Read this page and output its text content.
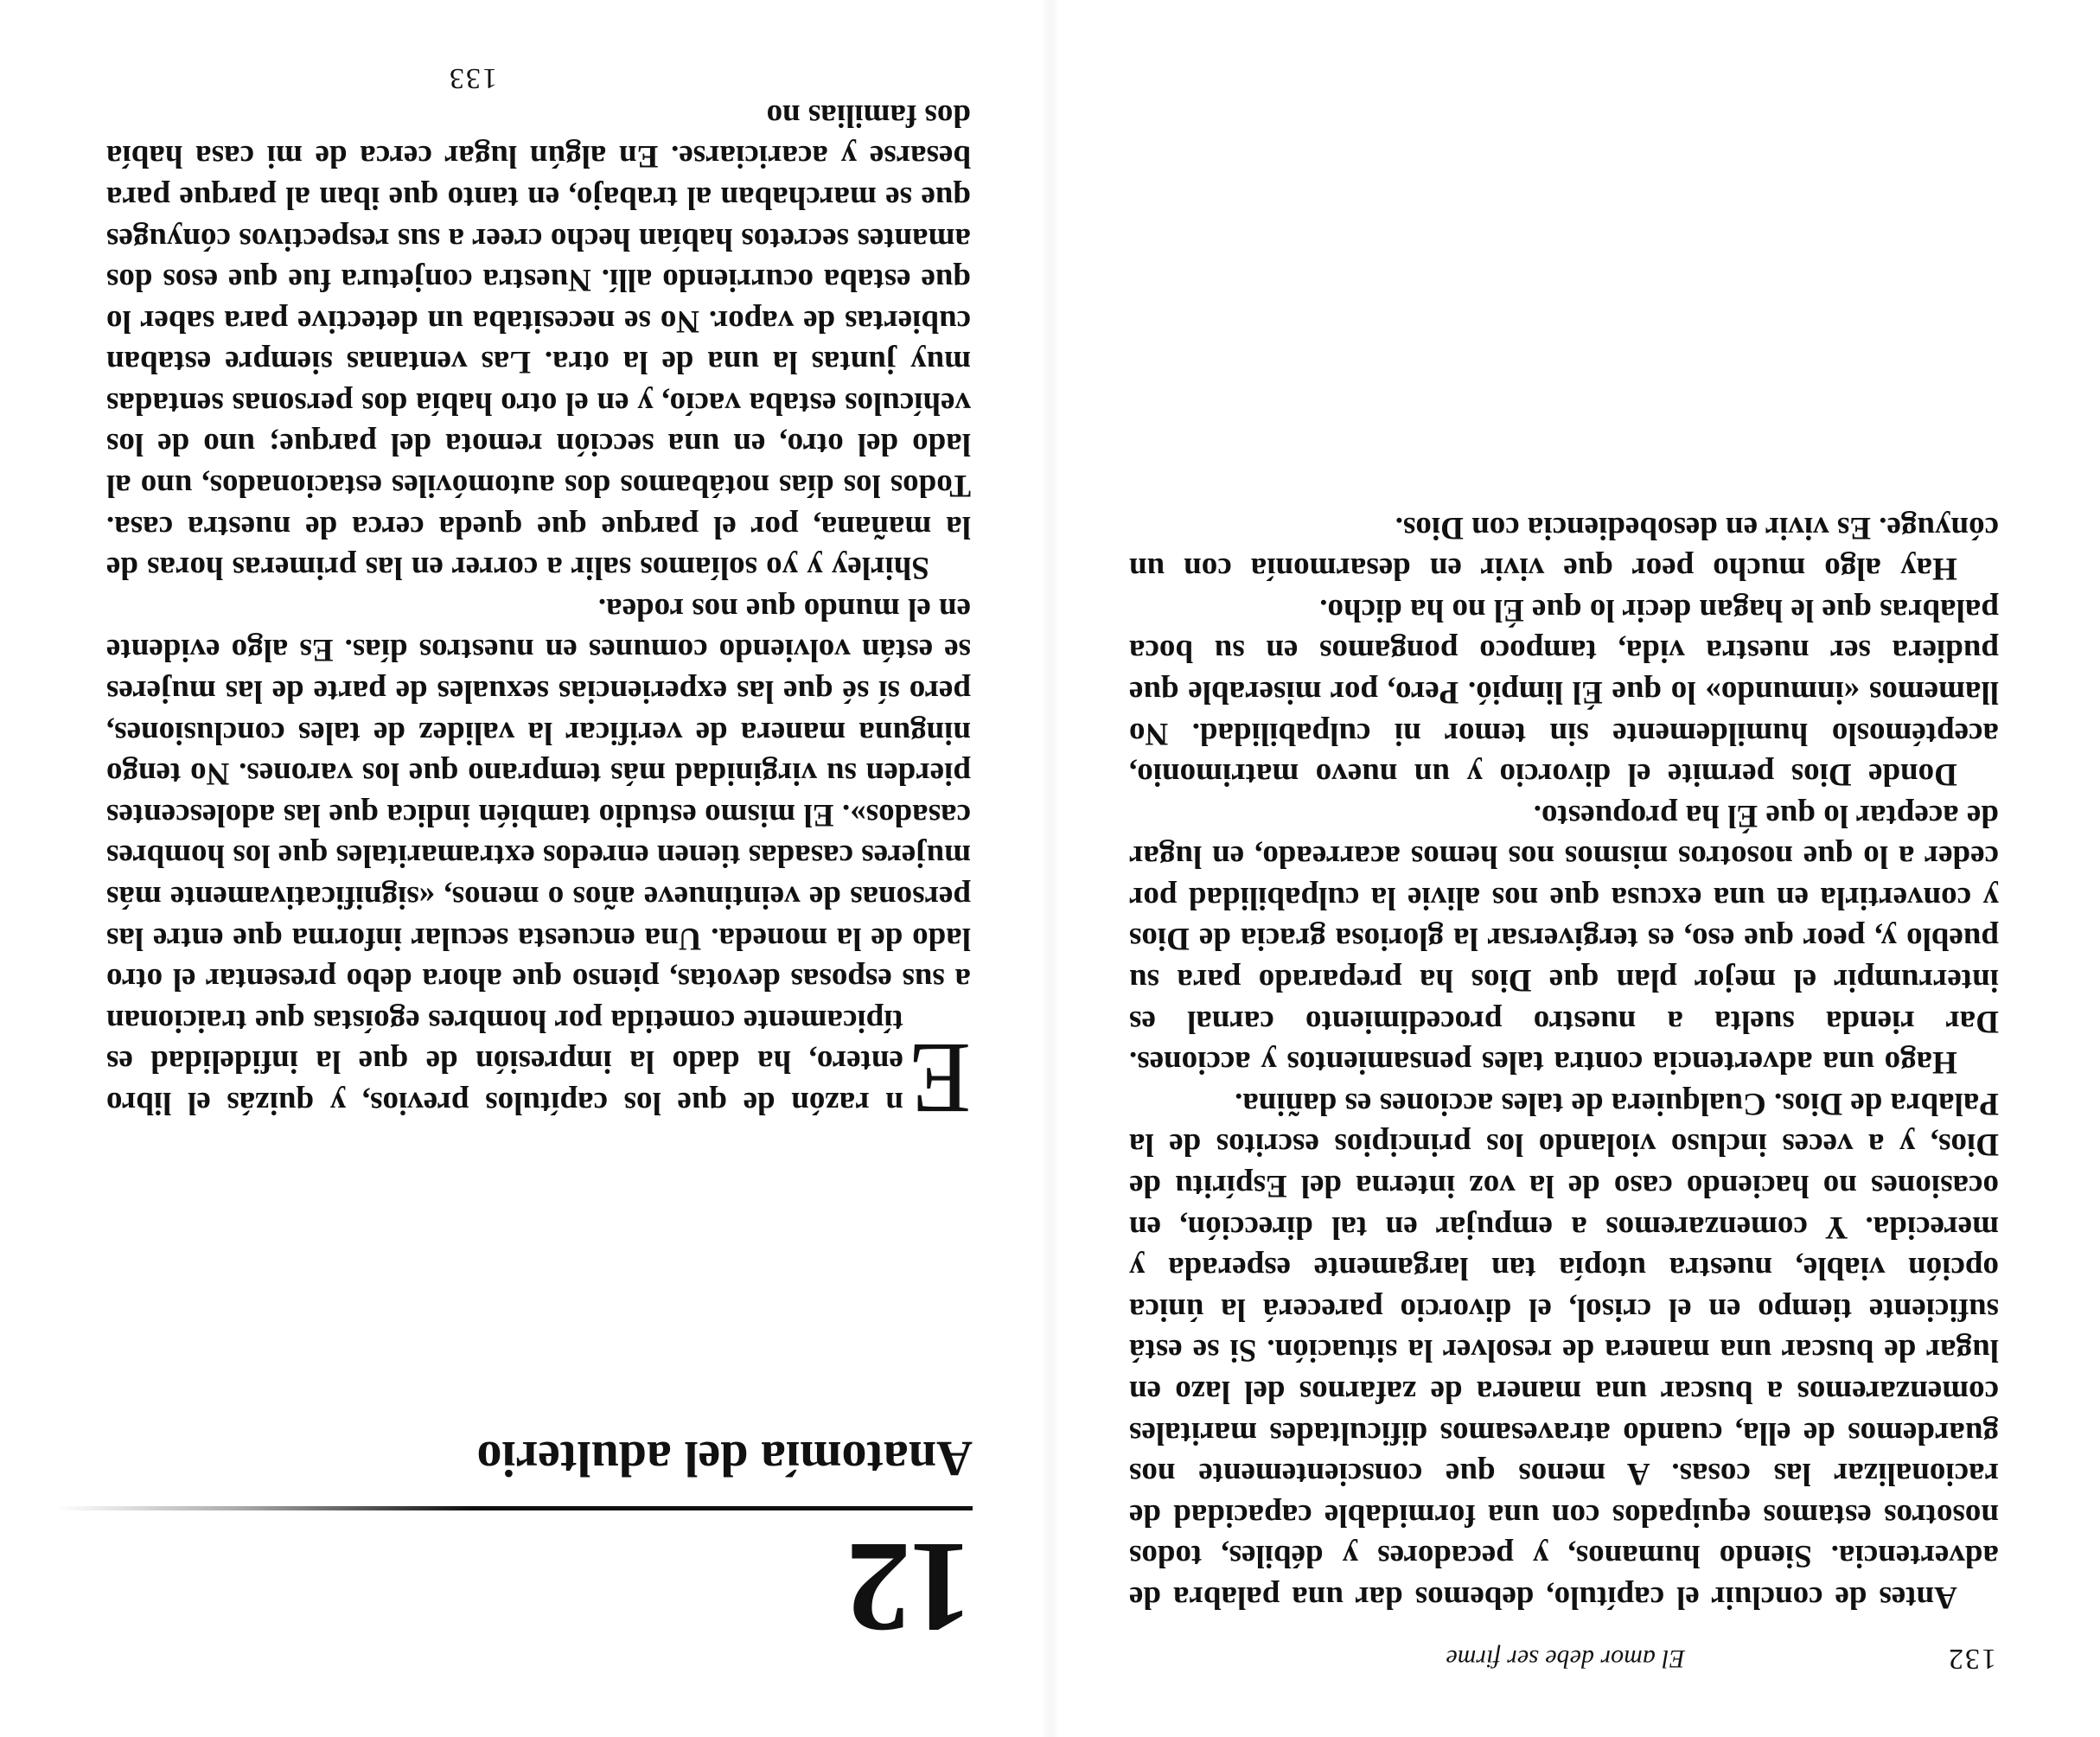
132
El amor debe ser firme

Antes de concluir el capítulo, debemos dar una palabra de advertencia. Siendo humanos, y pecadores y débiles, todos nosotros estamos equipados con una formidable capacidad de racionalizar las cosas. A menos que conscientemente nos guardemos de ella, cuando atravesamos dificultades maritales comenzaremos a buscar una manera de zafarnos del lazo en lugar de buscar una manera de resolver la situación. Si se está suficiente tiempo en el crisol, el divorcio parecerá la única opción viable, nuestra utopía tan largamente esperada y merecida. Y comenzaremos a empujar en tal dirección, en ocasiones no haciendo caso de la voz interna del Espíritu de Dios, y a veces incluso violando los principios escritos de la Palabra de Dios. Cualquiera de tales acciones es dañina.

Hago una advertencia contra tales pensamientos y acciones. Dar rienda suelta a nuestro procedimiento carnal es interrumpir el mejor plan que Dios ha preparado para su pueblo y, peor que eso, es tergiversar la gloriosa gracia de Dios y convertirla en una excusa que nos alivie la culpabilidad por ceder a lo que nosotros mismos nos hemos acarreado, en lugar de aceptar lo que Él ha propuesto.

Donde Dios permite el divorcio y un nuevo matrimonio, aceptémoslo humildemente sin temor ni culpabilidad. No llamemos «inmundo» lo que Él limpió. Pero, por miserable que pudiera ser nuestra vida, tampoco pongamos en su boca palabras que le hagan decir lo que Él no ha dicho.

Hay algo mucho peor que vivir en desarmonía con un cónyuge. Es vivir en desobediencia con Dios.

12
Anatomía del adulterio

E
n razón de que los capítulos previos, y quizás el libro entero, ha dado la impresión de que la infidelidad es típicamente cometida por hombres egoístas que traicionan a sus esposas devotas, pienso que ahora debo presentar el otro lado de la moneda. Una encuesta secular informa que entre las personas de veintinueve años o menos, «significativamente más mujeres casadas tienen enredos extramaritales que los hombres casados». El mismo estudio también indica que las adolescentes pierden su virginidad más temprano que los varones. No tengo ninguna manera de verificar la validez de tales conclusiones, pero sí sé que las experiencias sexuales de parte de las mujeres se están volviendo comunes en nuestros días. Es algo evidente en el mundo que nos rodea.

Shirley y yo solíamos salir a correr en las primeras horas de la mañana, por el parque que queda cerca de nuestra casa. Todos los días notábamos dos automóviles estacionados, uno al lado del otro, en una sección remota del parque; uno de los vehículos estaba vacío, y en el otro había dos personas sentadas muy juntas la una de la otra. Las ventanas siempre estaban cubiertas de vapor. No se necesitaba un detective para saber lo que estaba ocurriendo allí. Nuestra conjetura fue que esos dos amantes secretos habían hecho creer a sus respectivos cónyuges que se marchaban al trabajo, en tanto que iban al parque para besarse y acariciarse. En algún lugar cerca de mi casa había dos familias no

133
